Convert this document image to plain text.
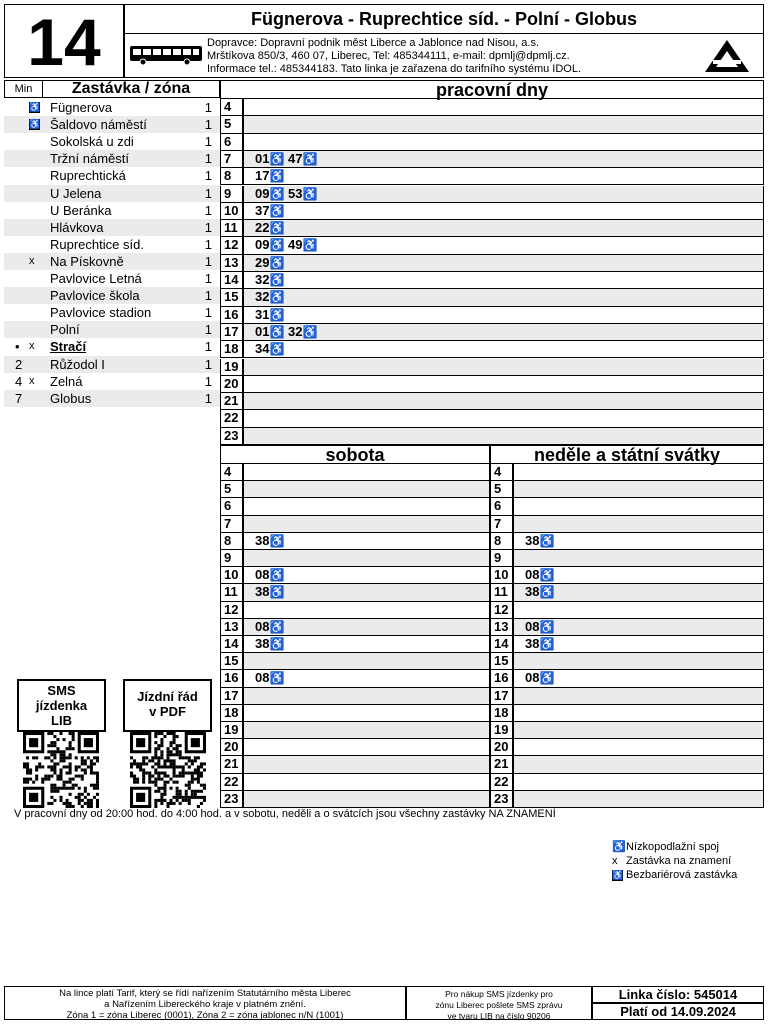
14	Fügnerova - Ruprechtice síd. - Polní - Globus
Dopravce: Dopravní podnik měst Liberce a Jablonce nad Nisou, a.s.
Mrštíkova 850/3, 460 07, Liberec, Tel: 485344111, e-mail: dpmlj@dpmlj.cz.
Informace tel.: 485344183. Tato linka je zařazena do tarifního systému IDOL.
Min	Zastávka / zóna
♿ Fügnerova	1
♿ Šaldovo náměstí	1
Sokolská u zdi	1
Tržní náměstí	1
Ruprechtická	1
U Jelena	1
U Beránka	1
Hlávkova	1
Ruprechtice síd.	1
x Na Pískovně	1
Pavlovice Letná	1
Pavlovice škola	1
Pavlovice stadion	1
Polní	1
• x Stračí	1
2	Růžodol I	1
4 x Zelná	1
7	Globus	1
pracovní dny
4
5
6
7	01♿ 47♿
8	17♿
9	09♿ 53♿
10	37♿
11	22♿
12	09♿ 49♿
13	29♿
14	32♿
15	32♿
16	31♿
17	01♿ 32♿
18	34♿
19
20
21
22
23
sobota	neděle a státní svátky
4
5
6
7
8	38♿
9
10	08♿
11	38♿
12
13	08♿
14	38♿
15
16	08♿
17
18
19
20
21
22
23
4
5
6
7
8	38♿
9
10	08♿
11	38♿
12
13	08♿
14	38♿
15
16	08♿
17
18
19
20
21
22
23
SMS jízdenka LIB
Jízdní řád v PDF
V pracovní dny od 20:00 hod. do 4:00 hod. a v sobotu, neděli a o svátcích jsou všechny zastávky NA ZNAMENÍ
♿Nízkopodlažní spoj
x Zastávka na znamení
♿ Bezbariérová zastávka
Na lince platí Tarif, který se řídí nařízením Statutárního města Liberec
a Nařízením Libereckého kraje v platném znění.
Zóna 1 = zóna Liberec (0001), Zóna 2 = zóna jablonec n/N (1001)
Pro nákup SMS jízdenky pro
zónu Liberec pošlete SMS zprávu
ve tvaru LIB na číslo 90206
Linka číslo: 545014
Platí od 14.09.2024
